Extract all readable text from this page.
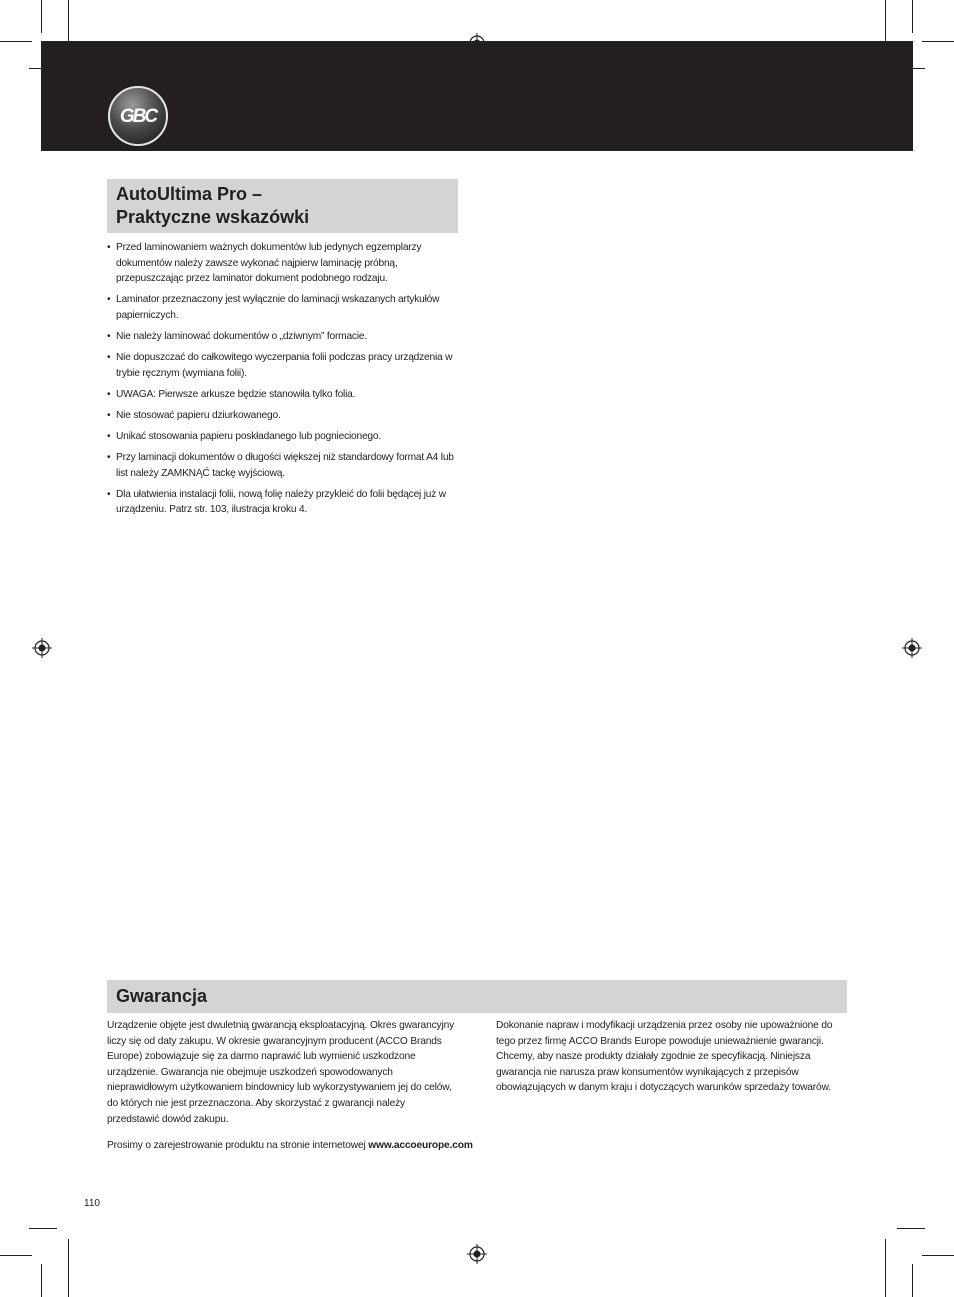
GBC
AutoUltima Pro –
Praktyczne wskazówki
• Przed laminowaniem ważnych dokumentów lub jedynych egzemplarzy dokumentów należy zawsze wykonać najpierw laminację próbną, przepuszczając przez laminator dokument podobnego rodzaju.
• Laminator przeznaczony jest wyłącznie do laminacji wskazanych artykułów papierniczych.
• Nie należy laminować dokumentów o „dziwnym” formacie.
• Nie dopuszczać do całkowitego wyczerpania folii podczas pracy urządzenia w trybie ręcznym (wymiana folii).
• UWAGA: Pierwsze arkusze będzie stanowiła tylko folia.
• Nie stosować papieru dziurkowanego.
• Unikać stosowania papieru poskładanego lub pogniecionego.
• Przy laminacji dokumentów o długości większej niż standardowy format A4 lub list należy ZAMKNĄĆ tackę wyjściową.
• Dla ułatwienia instalacji folii, nową folię należy przykleić do folii będącej już w urządzeniu. Patrz str. 103, ilustracja kroku 4.
Gwarancja
Urządzenie objęte jest dwuletnią gwarancją eksploatacyjną. Okres gwarancyjny liczy się od daty zakupu. W okresie gwarancyjnym producent (ACCO Brands Europe) zobowiązuje się za darmo naprawić lub wymienić uszkodzone urządzenie. Gwarancja nie obejmuje uszkodzeń spowodowanych nieprawidłowym użytkowaniem bindownicy lub wykorzystywaniem jej do celów, do których nie jest przeznaczona. Aby skorzystać z gwarancji należy przedstawić dowód zakupu.
Dokonanie napraw i modyfikacji urządzenia przez osoby nie upoważnione do tego przez firmę ACCO Brands Europe powoduje unieważnienie gwarancji. Chcemy, aby nasze produkty działały zgodnie ze specyfikacją. Niniejsza gwarancja nie narusza praw konsumentów wynikających z przepisów obowiązujących w danym kraju i dotyczących warunków sprzedaży towarów.
Prosimy o zarejestrowanie produktu na stronie internetowej www.accoeurope.com
110
